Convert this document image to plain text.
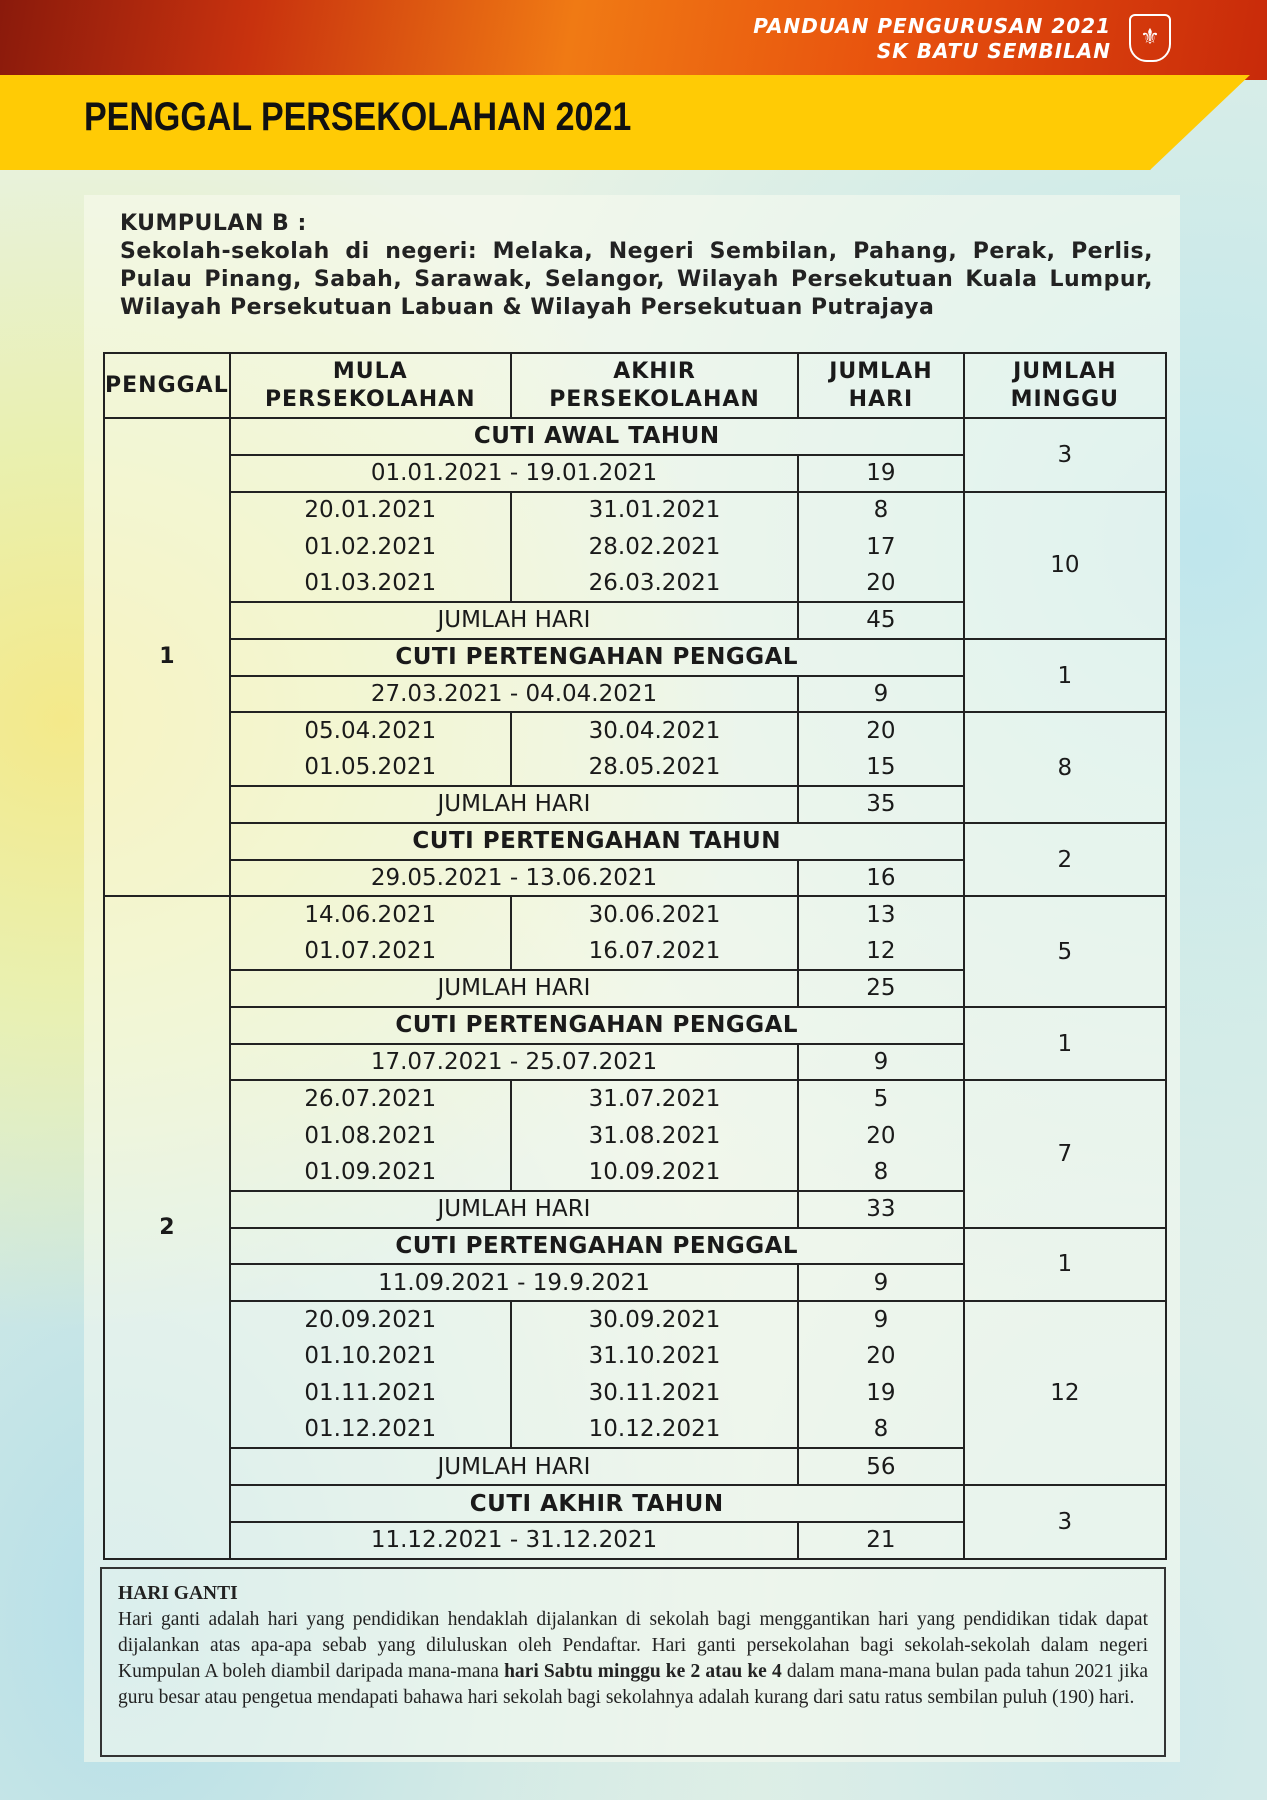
PANDUAN PENGURUSAN 2021
SK BATU SEMBILAN
⚜
PENGGAL PERSEKOLAHAN 2021
KUMPULAN B :
Sekolah-sekolah di negeri: Melaka, Negeri Sembilan, Pahang, Perak, Perlis, Pulau Pinang, Sabah, Sarawak, Selangor, Wilayah Persekutuan Kuala Lumpur, Wilayah Persekutuan Labuan & Wilayah Persekutuan Putrajaya
PENGGAL	MULA PERSEKOLAHAN	AKHIR PERSEKOLAHAN	JUMLAH HARI	JUMLAH MINGGU
1	CUTI AWAL TAHUN			3
	01.01.2021 - 19.01.2021		19	
	20.01.2021	31.01.2021	8	10
	01.02.2021	28.02.2021	17	
	01.03.2021	26.03.2021	20	
	JUMLAH HARI		45	
	CUTI PERTENGAHAN PENGGAL			1
	27.03.2021 - 04.04.2021		9	
	05.04.2021	30.04.2021	20	8
	01.05.2021	28.05.2021	15	
	JUMLAH HARI		35	
	CUTI PERTENGAHAN TAHUN			2
	29.05.2021 - 13.06.2021		16	
2	14.06.2021	30.06.2021	13	5
	01.07.2021	16.07.2021	12	
	JUMLAH HARI		25	
	CUTI PERTENGAHAN PENGGAL			1
	17.07.2021 - 25.07.2021		9	
	26.07.2021	31.07.2021	5	7
	01.08.2021	31.08.2021	20	
	01.09.2021	10.09.2021	8	
	JUMLAH HARI		33	
	CUTI PERTENGAHAN PENGGAL			1
	11.09.2021 - 19.9.2021		9	
	20.09.2021	30.09.2021	9	12
	01.10.2021	31.10.2021	20	
	01.11.2021	30.11.2021	19	
	01.12.2021	10.12.2021	8	
	JUMLAH HARI		56	
	CUTI AKHIR TAHUN			3
	11.12.2021 - 31.12.2021		21	
HARI GANTI
Hari ganti adalah hari yang pendidikan hendaklah dijalankan di sekolah bagi menggantikan hari yang pendidikan tidak dapat dijalankan atas apa-apa sebab yang diluluskan oleh Pendaftar. Hari ganti persekolahan bagi sekolah-sekolah dalam negeri Kumpulan A boleh diambil daripada mana-mana hari Sabtu minggu ke 2 atau ke 4 dalam mana-mana bulan pada tahun 2021 jika guru besar atau pengetua mendapati bahawa hari sekolah bagi sekolahnya adalah kurang dari satu ratus sembilan puluh (190) hari.
